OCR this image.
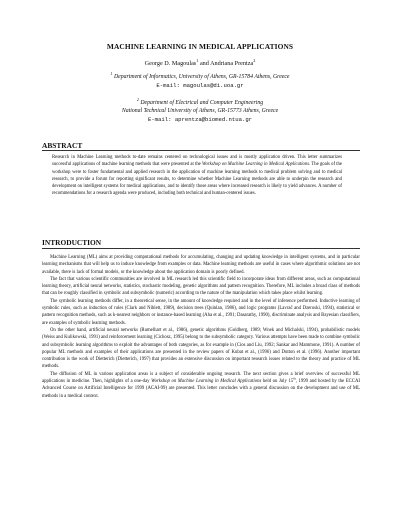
MACHINE LEARNING IN MEDICAL APPLICATIONS
George D. Magoulas$^1$ and Andriana Prentza$^2$
$^1$ Department of Informatics, University of Athens, GR-15784 Athens, Greece
E-mail: magoulas@di.uoa.gr
$^2$ Department of Electrical and Computer Engineering
National Technical University of Athens, GR-15773 Athens, Greece
E-mail: aprentza@biomed.ntua.gr
ABSTRACT
Research in Machine Learning methods to-date remains centered on technological issues and is mostly application driven. This letter summarizes successful applications of machine learning methods that were presented at the Workshop on Machine Learning in Medical Applications. The goals of the workshop were to foster fundamental and applied research in the application of machine learning methods to medical problem solving and to medical research, to provide a forum for reporting significant results, to determine whether Machine Learning methods are able to underpin the research and development on intelligent systems for medical applications, and to identify those areas where increased research is likely to yield advances. A number of recommendations for a research agenda were produced, including both technical and human-centered issues.
INTRODUCTION

Machine Learning (ML) aims at providing computational methods for accumulating, changing and updating knowledge in intelligent systems, and in particular learning mechanisms that will help us to induce knowledge from examples or data. Machine learning methods are useful in cases where algorithmic solutions are not available, there is lack of formal models, or the knowledge about the application domain is poorly defined.

The fact that various scientific communities are involved in ML research led this scientific field to incorporate ideas from different areas, such as computational learning theory, artificial neural networks, statistics, stochastic modeling, genetic algorithms and pattern recognition. Therefore, ML includes a broad class of methods that can be roughly classified in symbolic and subsymbolic (numeric) according to the nature of the manipulation which takes place whilst learning.

The symbolic learning methods differ, in a theoretical sense, in the amount of knowledge required and in the level of inference performed. Inductive learning of symbolic rules, such as induction of rules (Clark and Niblett, 1989), decision trees (Quinlan, 1986), and logic programs (Lavrač and Dzeroski, 1994), statistical or pattern recognition methods, such as k-nearest neighbors or instance-based learning (Aha et al., 1991; Dasarathy, 1990), discriminate analysis and Bayesian classifiers, are examples of symbolic learning methods.

On the other hand, artificial neural networks (Rumelhart et al., 1986), genetic algorithms (Goldberg, 1989; Wnek and Michalski, 1994), probabilistic models (Weiss and Kulikowski, 1991) and reinforcement learning (Cichosz, 1995) belong to the subsymbolic category. Various attempts have been made to combine symbolic and subsymbolic learning algorithms to exploit the advantages of both categories, as for example in (Cios and Liu, 1992; Sankar and Mammone, 1991). A number of popular ML methods and examples of their applications are presented in the review papers of Kubat et al., (1996) and Dutton et al. (1996). Another important contribution is the work of Dietterich (Dietterich, 1997) that provides an extensive discussion on important research issues related to the theory and practice of ML methods.

The diffusion of ML in various application areas is a subject of considerable ongoing research. The next section gives a brief overview of successful ML applications in medicine. Then, highlights of a one-day Workshop on Machine Learning in Medical Applications held on July 15th, 1999 and hosted by the ECCAI Advanced Course on Artificial Intelligence for 1999 (ACAI-99) are presented. This letter concludes with a general discussion on the development and use of ML methods in a medical context.
